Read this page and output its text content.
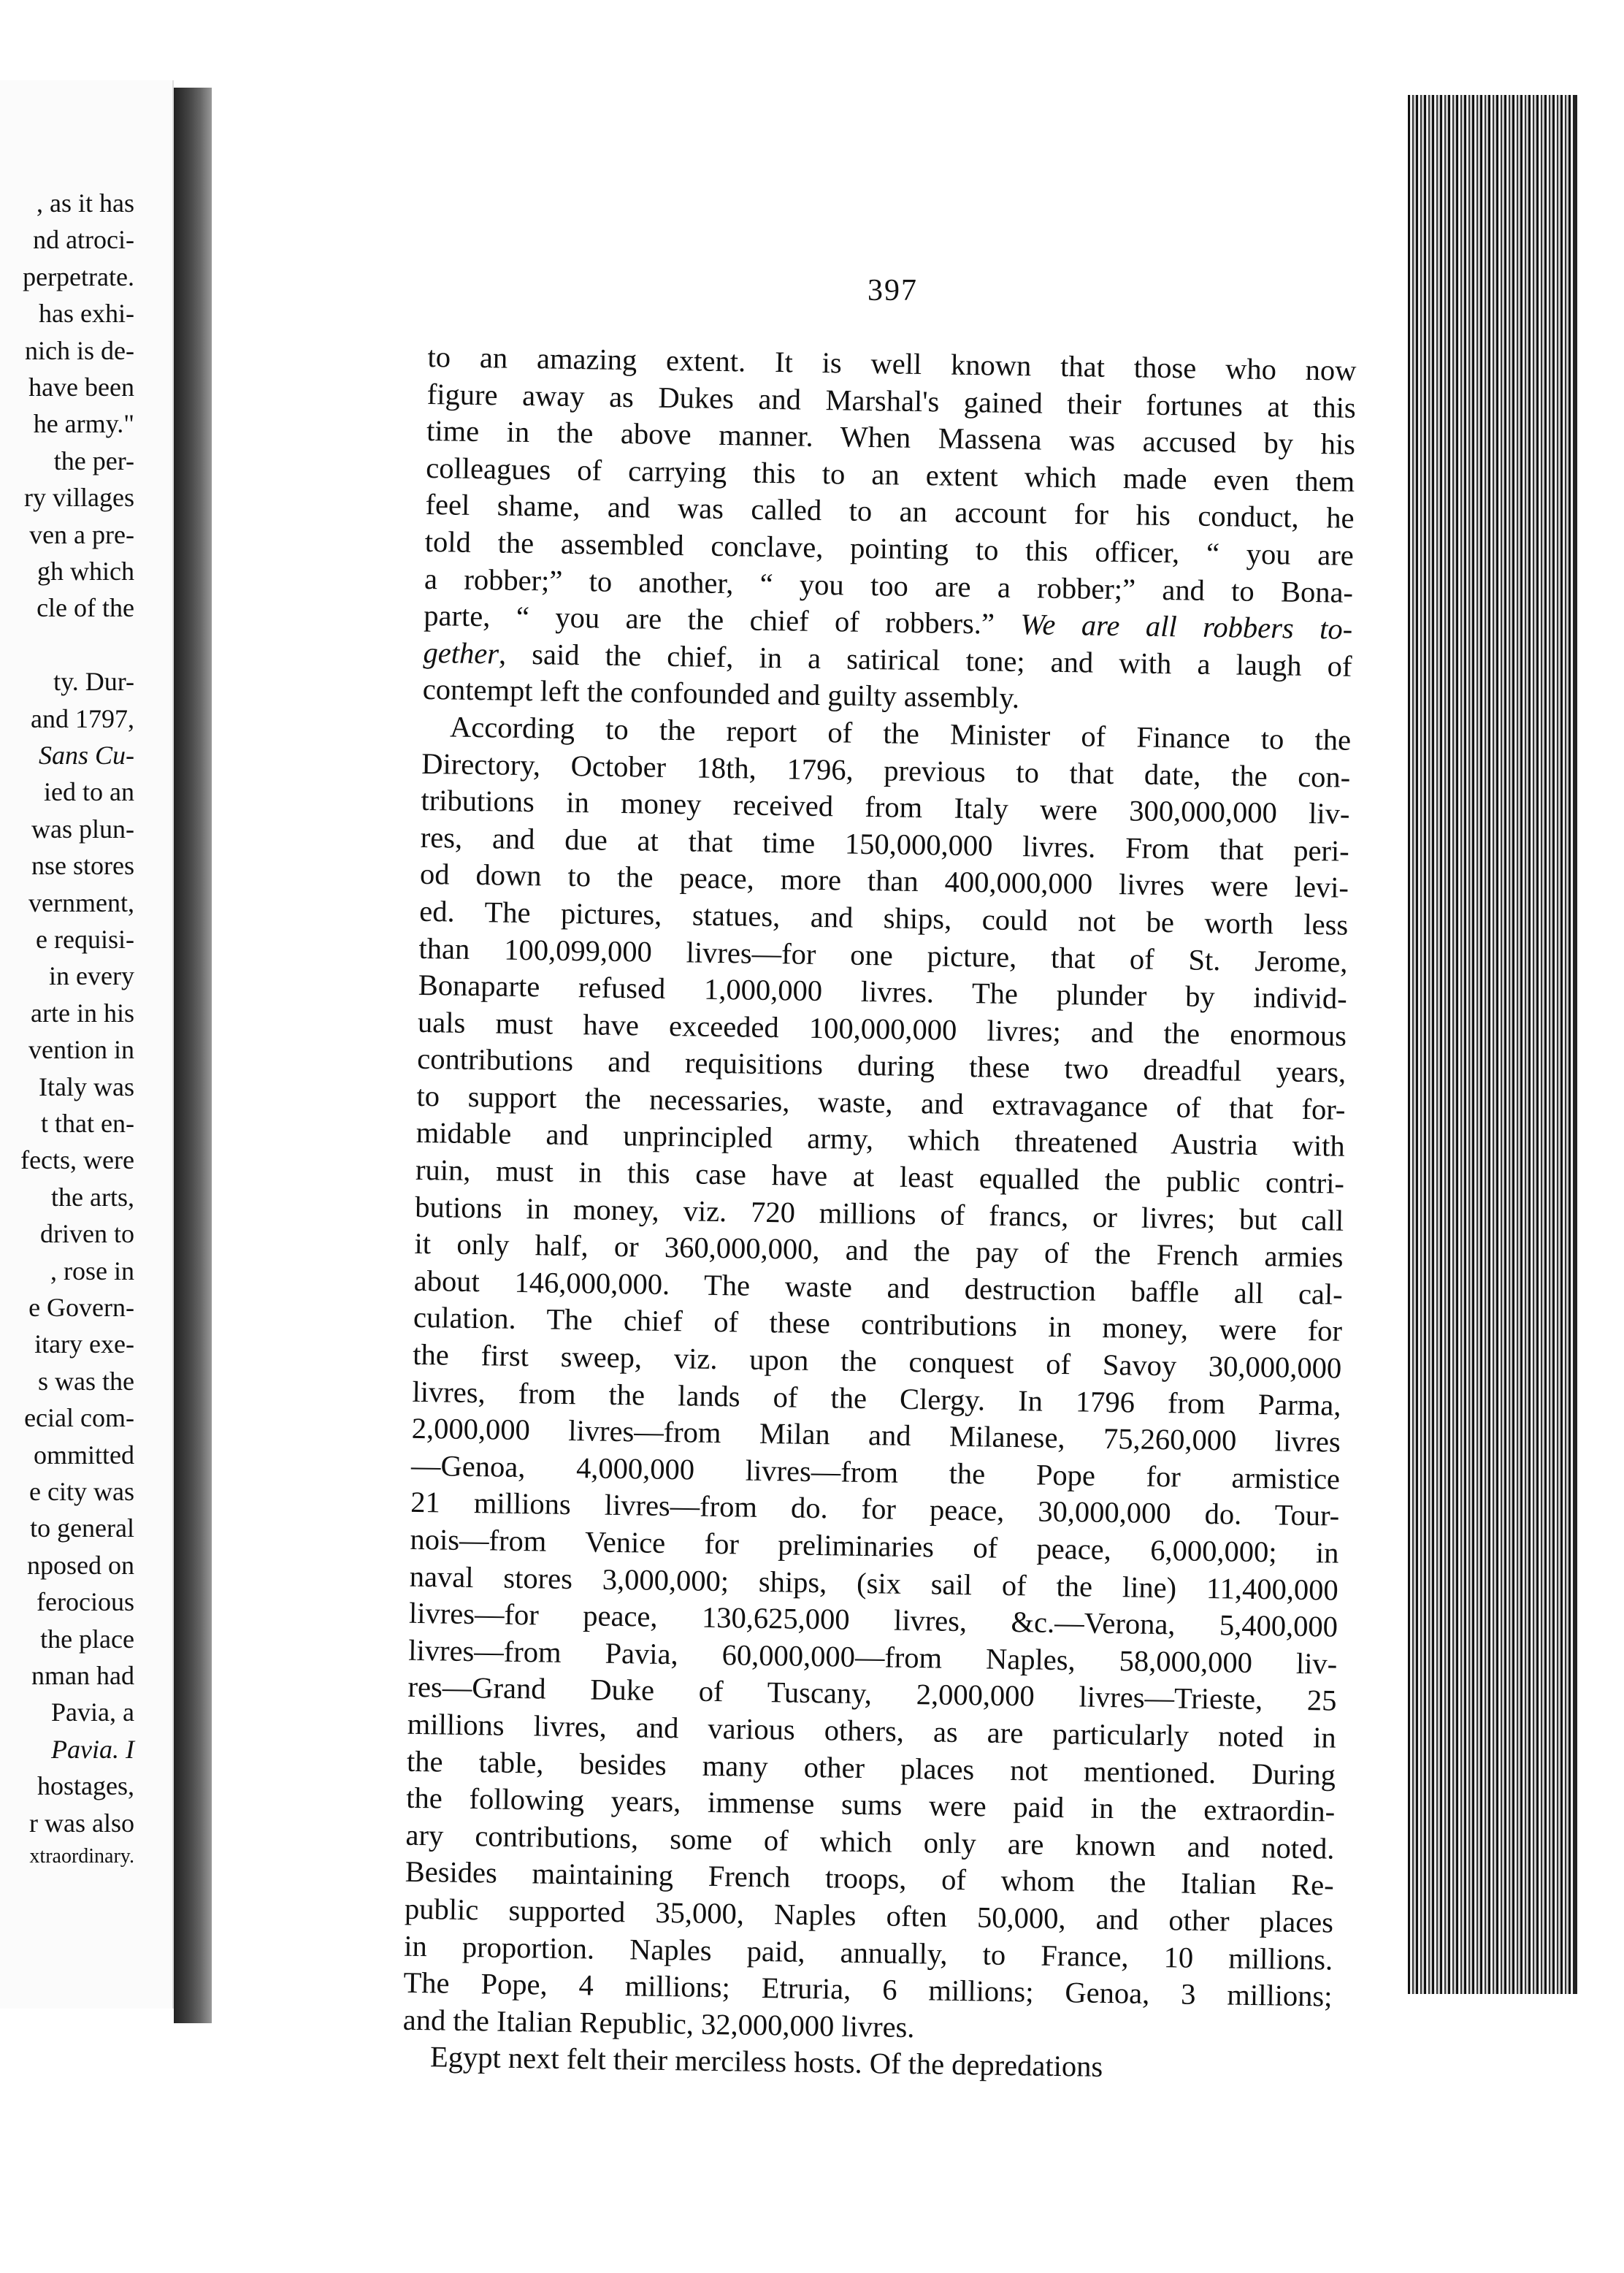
, as it has
nd atroci-
perpetrate.
has exhi-
nich is de-
have been
he army."
the per-
ry villages
ven a pre-
gh which
cle of the
ty. Dur-
and 1797,
Sans Cu-
ied to an
was plun-
nse stores
vernment,
e requisi-
in every
arte in his
vention in
Italy was
t that en-
fects, were
the arts,
driven to
, rose in
e Govern-
itary exe-
s was the
ecial com-
ommitted
e city was
to general
nposed on
ferocious
the place
nman had
Pavia, a
Pavia. I
hostages,
r was also
xtraordinary.
397
to an amazing extent. It is well known that those who now
figure away as Dukes and Marshal's gained their fortunes at this
time in the above manner. When Massena was accused by his
colleagues of carrying this to an extent which made even them
feel shame, and was called to an account for his conduct, he
told the assembled conclave, pointing to this officer, “ you are
a robber;” to another, “ you too are a robber;” and to Bona-
parte, “ you are the chief of robbers.” We are all robbers to-
gether, said the chief, in a satirical tone; and with a laugh of
contempt left the confounded and guilty assembly.
According to the report of the Minister of Finance to the
Directory, October 18th, 1796, previous to that date, the con-
tributions in money received from Italy were 300,000,000 liv-
res, and due at that time 150,000,000 livres. From that peri-
od down to the peace, more than 400,000,000 livres were levi-
ed. The pictures, statues, and ships, could not be worth less
than 100,099,000 livres—for one picture, that of St. Jerome,
Bonaparte refused 1,000,000 livres. The plunder by individ-
uals must have exceeded 100,000,000 livres; and the enormous
contributions and requisitions during these two dreadful years,
to support the necessaries, waste, and extravagance of that for-
midable and unprincipled army, which threatened Austria with
ruin, must in this case have at least equalled the public contri-
butions in money, viz. 720 millions of francs, or livres; but call
it only half, or 360,000,000, and the pay of the French armies
about 146,000,000. The waste and destruction baffle all cal-
culation. The chief of these contributions in money, were for
the first sweep, viz. upon the conquest of Savoy 30,000,000
livres, from the lands of the Clergy. In 1796 from Parma,
2,000,000 livres—from Milan and Milanese, 75,260,000 livres
—Genoa, 4,000,000 livres—from the Pope for armistice
21 millions livres—from do. for peace, 30,000,000 do. Tour-
nois—from Venice for preliminaries of peace, 6,000,000; in
naval stores 3,000,000; ships, (six sail of the line) 11,400,000
livres—for peace, 130,625,000 livres, &c.—Verona, 5,400,000
livres—from Pavia, 60,000,000—from Naples, 58,000,000 liv-
res—Grand Duke of Tuscany, 2,000,000 livres—Trieste, 25
millions livres, and various others, as are particularly noted in
the table, besides many other places not mentioned. During
the following years, immense sums were paid in the extraordin-
ary contributions, some of which only are known and noted.
Besides maintaining French troops, of whom the Italian Re-
public supported 35,000, Naples often 50,000, and other places
in proportion. Naples paid, annually, to France, 10 millions.
The Pope, 4 millions; Etruria, 6 millions; Genoa, 3 millions;
and the Italian Republic, 32,000,000 livres.
Egypt next felt their merciless hosts. Of the depredations
